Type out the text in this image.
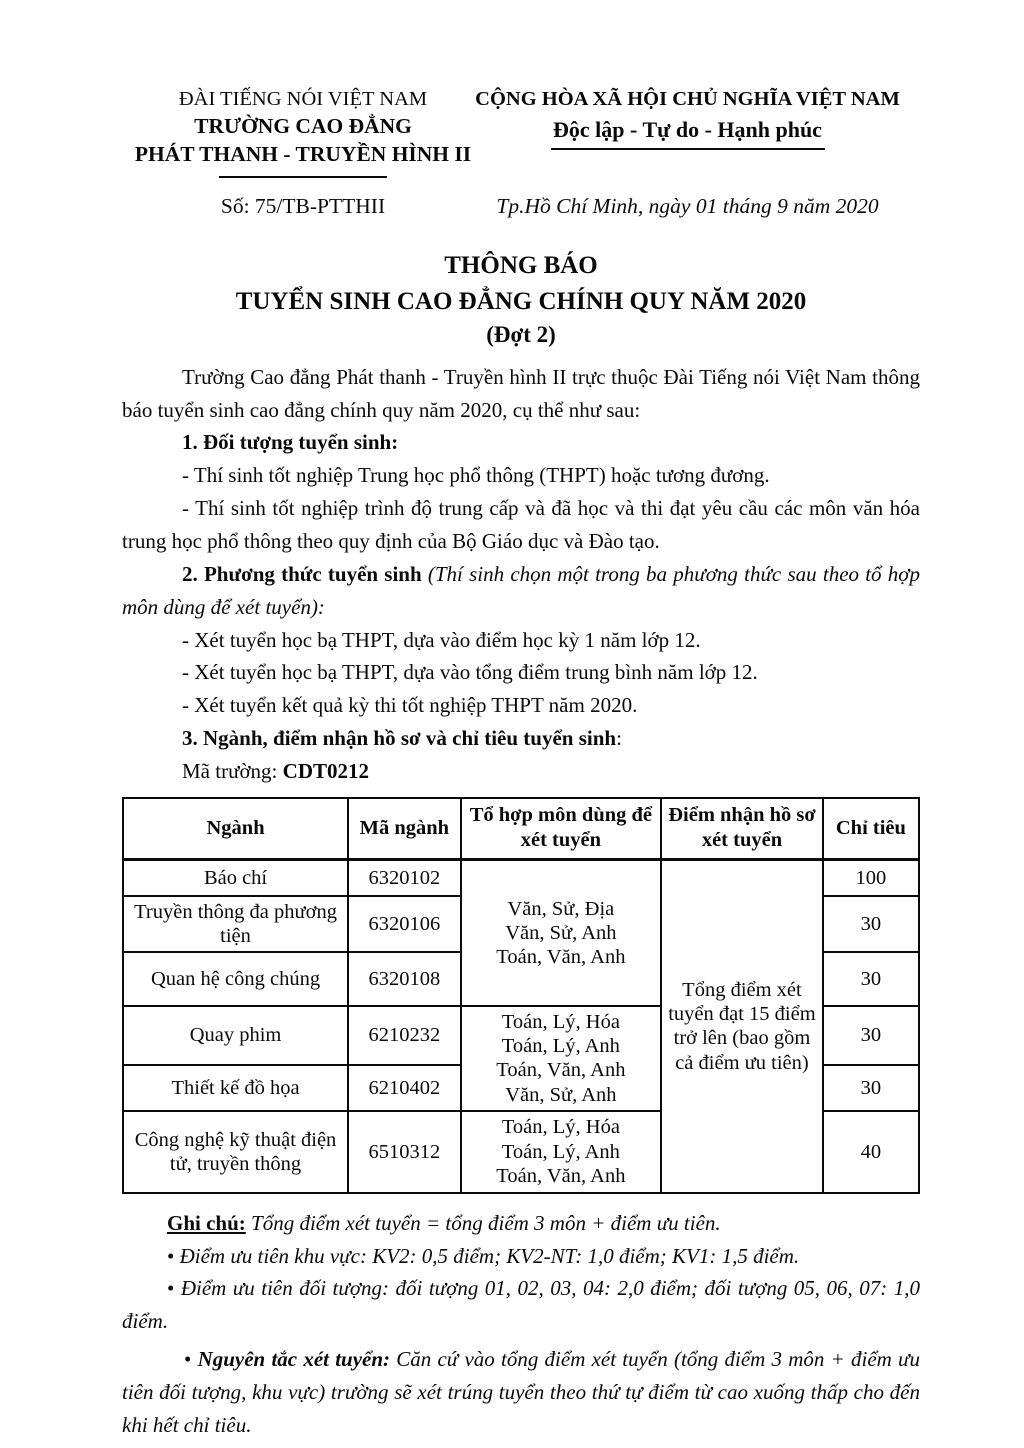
ĐÀI TIẾNG NÓI VIỆT NAM
TRƯỜNG CAO ĐẲNG
PHÁT THANH - TRUYỀN HÌNH II
CỘNG HÒA XÃ HỘI CHỦ NGHĨA VIỆT NAM
Độc lập - Tự do - Hạnh phúc
Số: 75/TB-PTTHII	Tp.Hồ Chí Minh, ngày 01 tháng 9 năm 2020
THÔNG BÁO
TUYỂN SINH CAO ĐẲNG CHÍNH QUY NĂM 2020
(Đợt 2)

Trường Cao đẳng Phát thanh - Truyền hình II trực thuộc Đài Tiếng nói Việt Nam thông báo tuyển sinh cao đẳng chính quy năm 2020, cụ thể như sau:

1. Đối tượng tuyển sinh:

- Thí sinh tốt nghiệp Trung học phổ thông (THPT) hoặc tương đương.

- Thí sinh tốt nghiệp trình độ trung cấp và đã học và thi đạt yêu cầu các môn văn hóa trung học phổ thông theo quy định của Bộ Giáo dục và Đào tạo.

2. Phương thức tuyển sinh (Thí sinh chọn một trong ba phương thức sau theo tổ hợp môn dùng để xét tuyển):

- Xét tuyển học bạ THPT, dựa vào điểm học kỳ 1 năm lớp 12.

- Xét tuyển học bạ THPT, dựa vào tổng điểm trung bình năm lớp 12.

- Xét tuyển kết quả kỳ thi tốt nghiệp THPT năm 2020.

3. Ngành, điểm nhận hồ sơ và chỉ tiêu tuyển sinh:

Mã trường: CDT0212

Ngành	Mã ngành	Tổ hợp môn dùng để xét tuyển	Điểm nhận hồ sơ xét tuyển	Chỉ tiêu
Báo chí	6320102	Văn, Sử, Địa
Văn, Sử, Anh
Toán, Văn, Anh	Tổng điểm xét tuyển đạt 15 điểm trở lên (bao gồm cả điểm ưu tiên)	100
Truyền thông đa phương tiện	6320106			30
Quan hệ công chúng	6320108			30
Quay phim	6210232	Toán, Lý, Hóa
Toán, Lý, Anh
Toán, Văn, Anh
Văn, Sử, Anh		30
Thiết kế đồ họa	6210402			30
Công nghệ kỹ thuật điện tử, truyền thông	6510312	Toán, Lý, Hóa
Toán, Lý, Anh
Toán, Văn, Anh		40

Ghi chú: Tổng điểm xét tuyển = tổng điểm 3 môn + điểm ưu tiên.

• Điểm ưu tiên khu vực: KV2: 0,5 điểm; KV2-NT: 1,0 điểm; KV1: 1,5 điểm.

• Điểm ưu tiên đối tượng: đối tượng 01, 02, 03, 04: 2,0 điểm; đối tượng 05, 06, 07: 1,0 điểm.

• Nguyên tắc xét tuyển: Căn cứ vào tổng điểm xét tuyển (tổng điểm 3 môn + điểm ưu tiên đối tượng, khu vực) trường sẽ xét trúng tuyển theo thứ tự điểm từ cao xuống thấp cho đến khi hết chỉ tiêu.
